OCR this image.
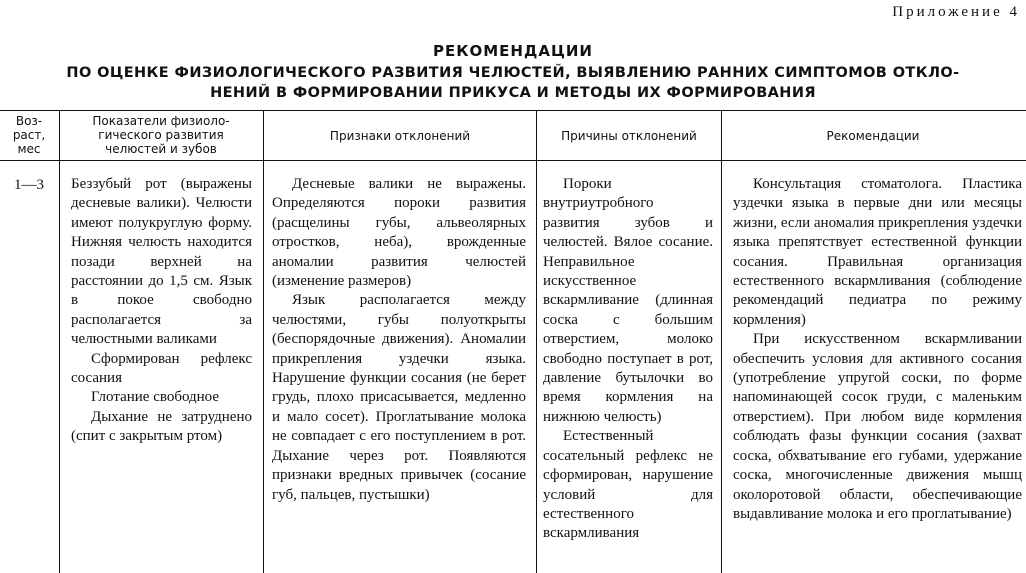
Приложение 4
РЕКОМЕНДАЦИИ
ПО ОЦЕНКЕ ФИЗИОЛОГИЧЕСКОГО РАЗВИТИЯ ЧЕЛЮСТЕЙ, ВЫЯВЛЕНИЮ РАННИХ СИМПТОМОВ ОТКЛО-
НЕНИЙ В ФОРМИРОВАНИИ ПРИКУСА И МЕТОДЫ ИХ ФОРМИРОВАНИЯ
Воз-
раст,
мес
Показатели физиоло-
гического развития
челюстей и зубов
Признаки отклонений	Причины отклонений	Рекомендации
1—3 Беззубый рот (выражены десневые валики). Челюсти имеют полукруглую форму. Нижняя челюсть находится позади верхней на расстоянии до 1,5 см. Язык в покое свободно располагается за челюстными валиками

Сформирован рефлекс сосания

Глотание свободное

Дыхание не затруднено (спит с закрытым ртом)

Десневые валики не выражены. Определяются пороки развития (расщелины губы, альвеолярных отростков, неба), врожденные аномалии развития челюстей (изменение размеров)

Язык располагается между челюстями, губы полуоткрыты (беспорядочные движения). Аномалии прикрепления уздечки языка. Нарушение функции сосания (не берет грудь, плохо присасывается, медленно и мало сосет). Проглатывание молока не совпадает с его поступлением в рот. Дыхание через рот. Появляются признаки вредных привычек (сосание губ, пальцев, пустышки)

Пороки внутриутробного развития зубов и челюстей. Вялое сосание. Неправильное искусственное вскармливание (длинная соска с большим отверстием, молоко свободно поступает в рот, давление бутылочки во время кормления на нижнюю челюсть)

Естественный сосательный рефлекс не сформирован, нарушение условий для естественного вскармливания

Консультация стоматолога. Пластика уздечки языка в первые дни или месяцы жизни, если аномалия прикрепления уздечки языка препятствует естественной функции сосания. Правильная организация естественного вскармливания (соблюдение рекомендаций педиатра по режиму кормления)

При искусственном вскармливании обеспечить условия для активного сосания (употребление упругой соски, по форме напоминающей сосок груди, с маленьким отверстием). При любом виде кормления соблюдать фазы функции сосания (захват соска, обхватывание его губами, удержание соска, многочисленные движения мышц околоротовой области, обеспечивающие выдавливание молока и его проглатывание)
